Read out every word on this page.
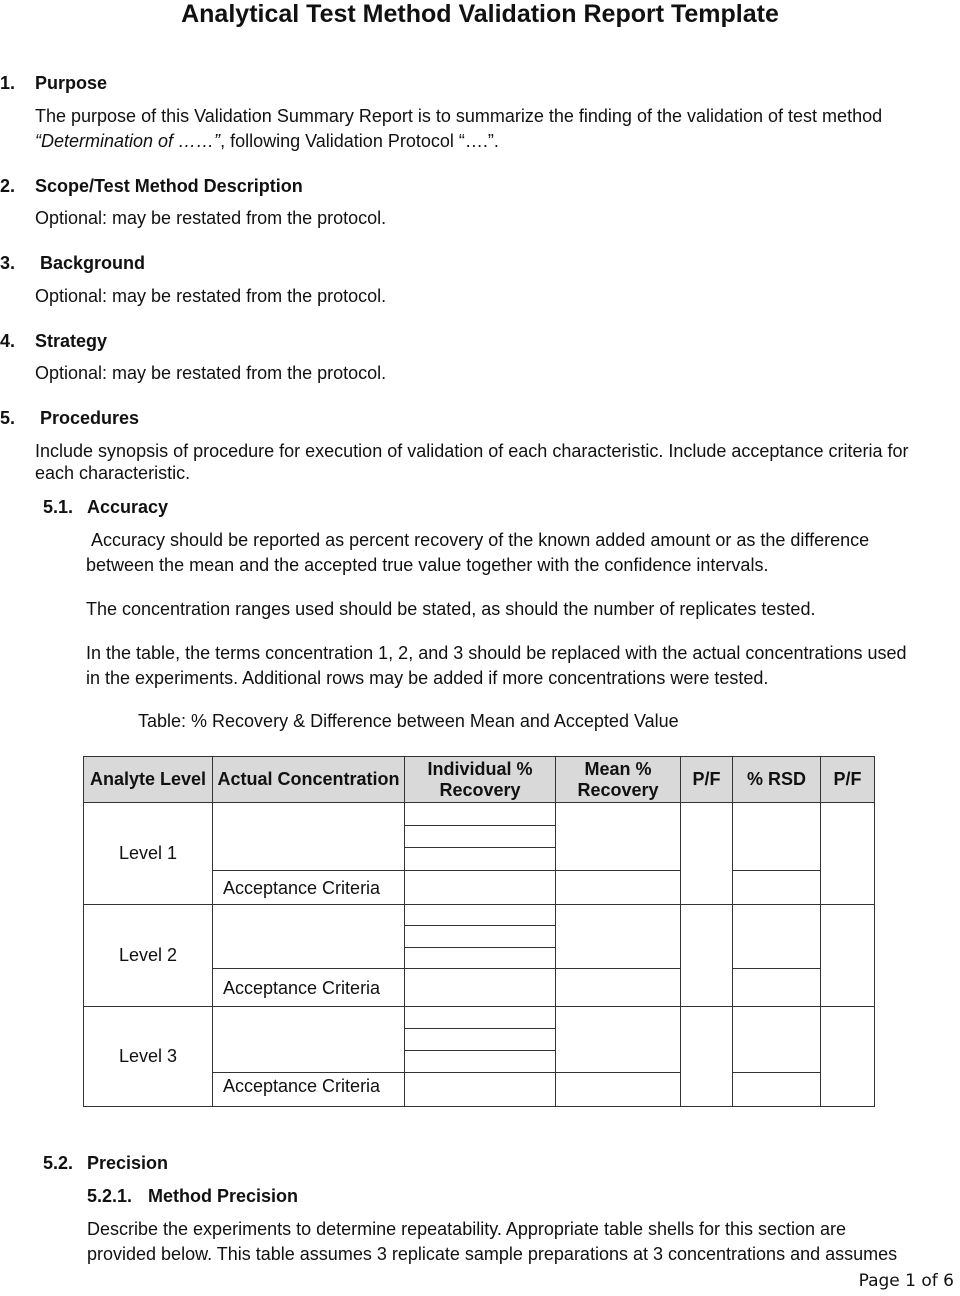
Analytical Test Method Validation Report Template
1. Purpose
The purpose of this Validation Summary Report is to summarize the finding of the validation of test method
“Determination of ……”, following Validation Protocol “….”.
2. Scope/Test Method Description
Optional: may be restated from the protocol.
3. Background
Optional: may be restated from the protocol.
4. Strategy
Optional: may be restated from the protocol.
5. Procedures
Include synopsis of procedure for execution of validation of each characteristic. Include acceptance criteria for
each characteristic.
5.1. Accuracy
Accuracy should be reported as percent recovery of the known added amount or as the difference
between the mean and the accepted true value together with the confidence intervals.
The concentration ranges used should be stated, as should the number of replicates tested.
In the table, the terms concentration 1, 2, and 3 should be replaced with the actual concentrations used
in the experiments. Additional rows may be added if more concentrations were tested.
Table: % Recovery & Difference between Mean and Accepted Value
Analyte Level Actual Concentration
Individual % Recovery
Mean % Recovery
P/F	% RSD	P/F
Level 1
Acceptance Criteria
Level 2
Acceptance Criteria
Level 3
Acceptance Criteria
5.2. Precision
5.2.1. Method Precision
Describe the experiments to determine repeatability. Appropriate table shells for this section are
provided below. This table assumes 3 replicate sample preparations at 3 concentrations and assumes
Page 1 of 6
